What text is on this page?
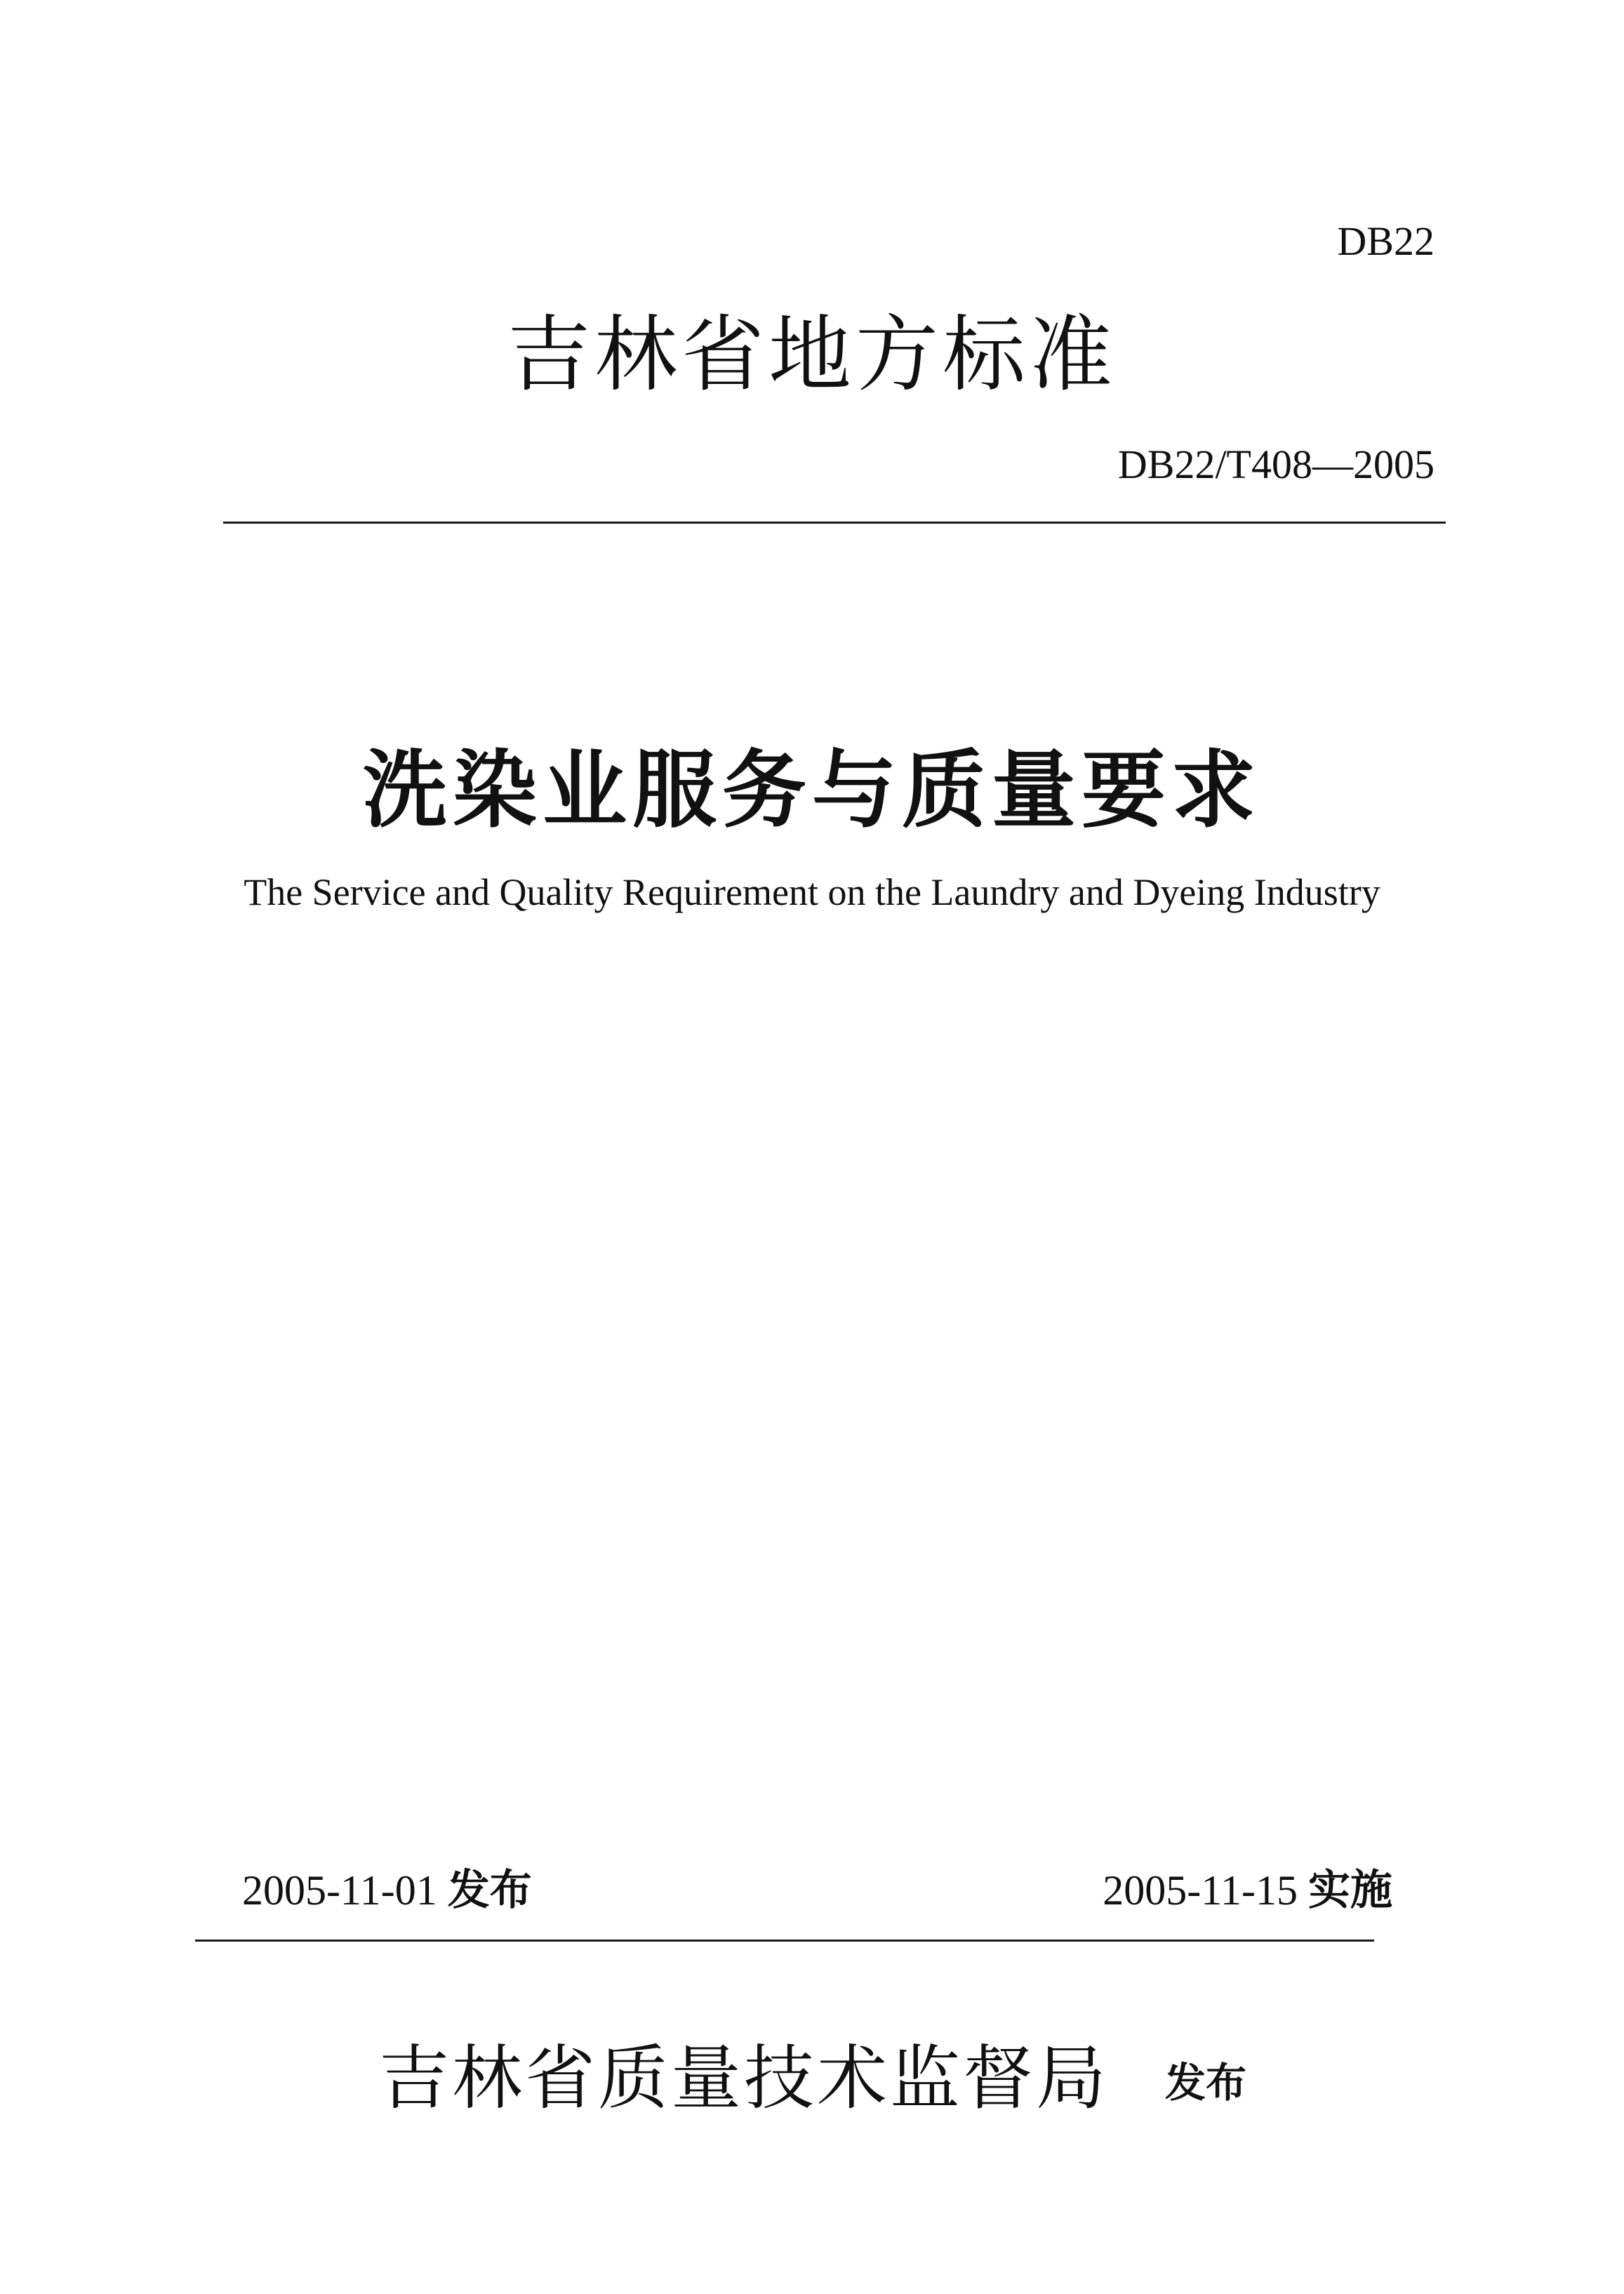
DB22
吉林省地方标准
DB22/T408—2005
洗染业服务与质量要求
The Service and Quality Requirement on the Laundry and Dyeing Industry
2005-11-01 发布	2005-11-15 实施
吉林省质量技术监督局 发布
